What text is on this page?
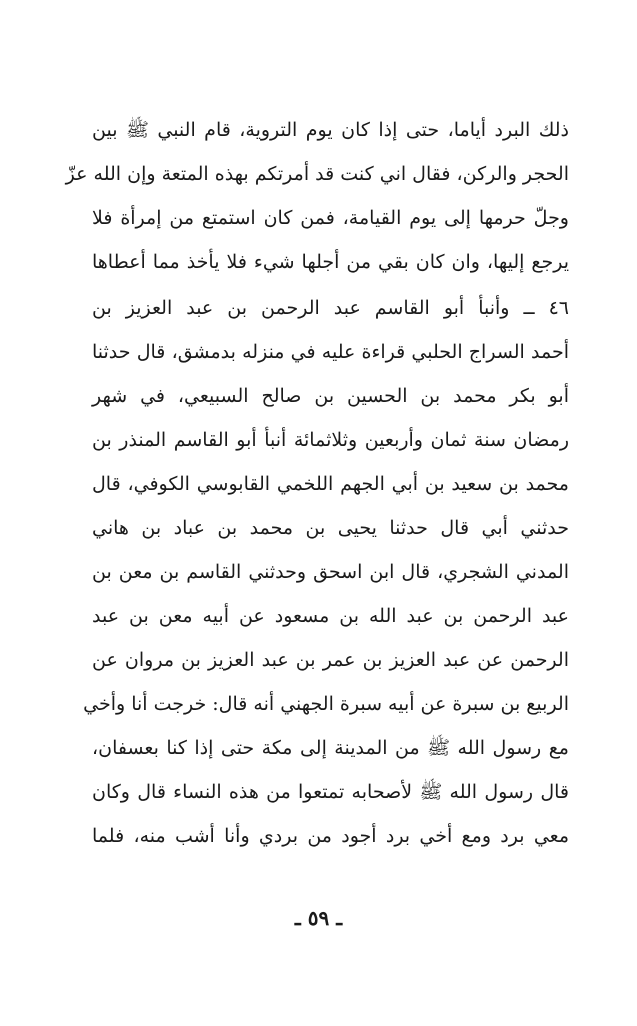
ذلك البرد أياما، حتى إذا كان يوم التروية، قام النبي ﷺ بين
الحجر والركن، فقال اني كنت قد أمرتكم بهذه المتعة وإن الله عزّ
وجلّ حرمها إلى يوم القيامة، فمن كان استمتع من إمرأة فلا
يرجع إليها، وان كان بقي من أجلها شيء فلا يأخذ مما أعطاها
٤٦ ــ وأنبأ أبو القاسم عبد الرحمن بن عبد العزيز بن
أحمد السراج الحلبي قراءة عليه في منزله بدمشق، قال حدثنا
أبو بكر محمد بن الحسين بن صالح السبيعي، في شهر
رمضان سنة ثمان وأربعين وثلاثمائة أنبأ أبو القاسم المنذر بن
محمد بن سعيد بن أبي الجهم اللخمي القابوسي الكوفي، قال
حدثني أبي قال حدثنا يحيى بن محمد بن عباد بن هاني
المدني الشجري، قال ابن اسحق وحدثني القاسم بن معن بن
عبد الرحمن بن عبد الله بن مسعود عن أبيه معن بن عبد
الرحمن عن عبد العزيز بن عمر بن عبد العزيز بن مروان عن
الربيع بن سبرة عن أبيه سبرة الجهني أنه قال: خرجت أنا وأخي
مع رسول الله ﷺ من المدينة إلى مكة حتى إذا كنا بعسفان،
قال رسول الله ﷺ لأصحابه تمتعوا من هذه النساء قال وكان
معي برد ومع أخي برد أجود من بردي وأنا أشب منه، فلما
ـ ٥٩ ـ
